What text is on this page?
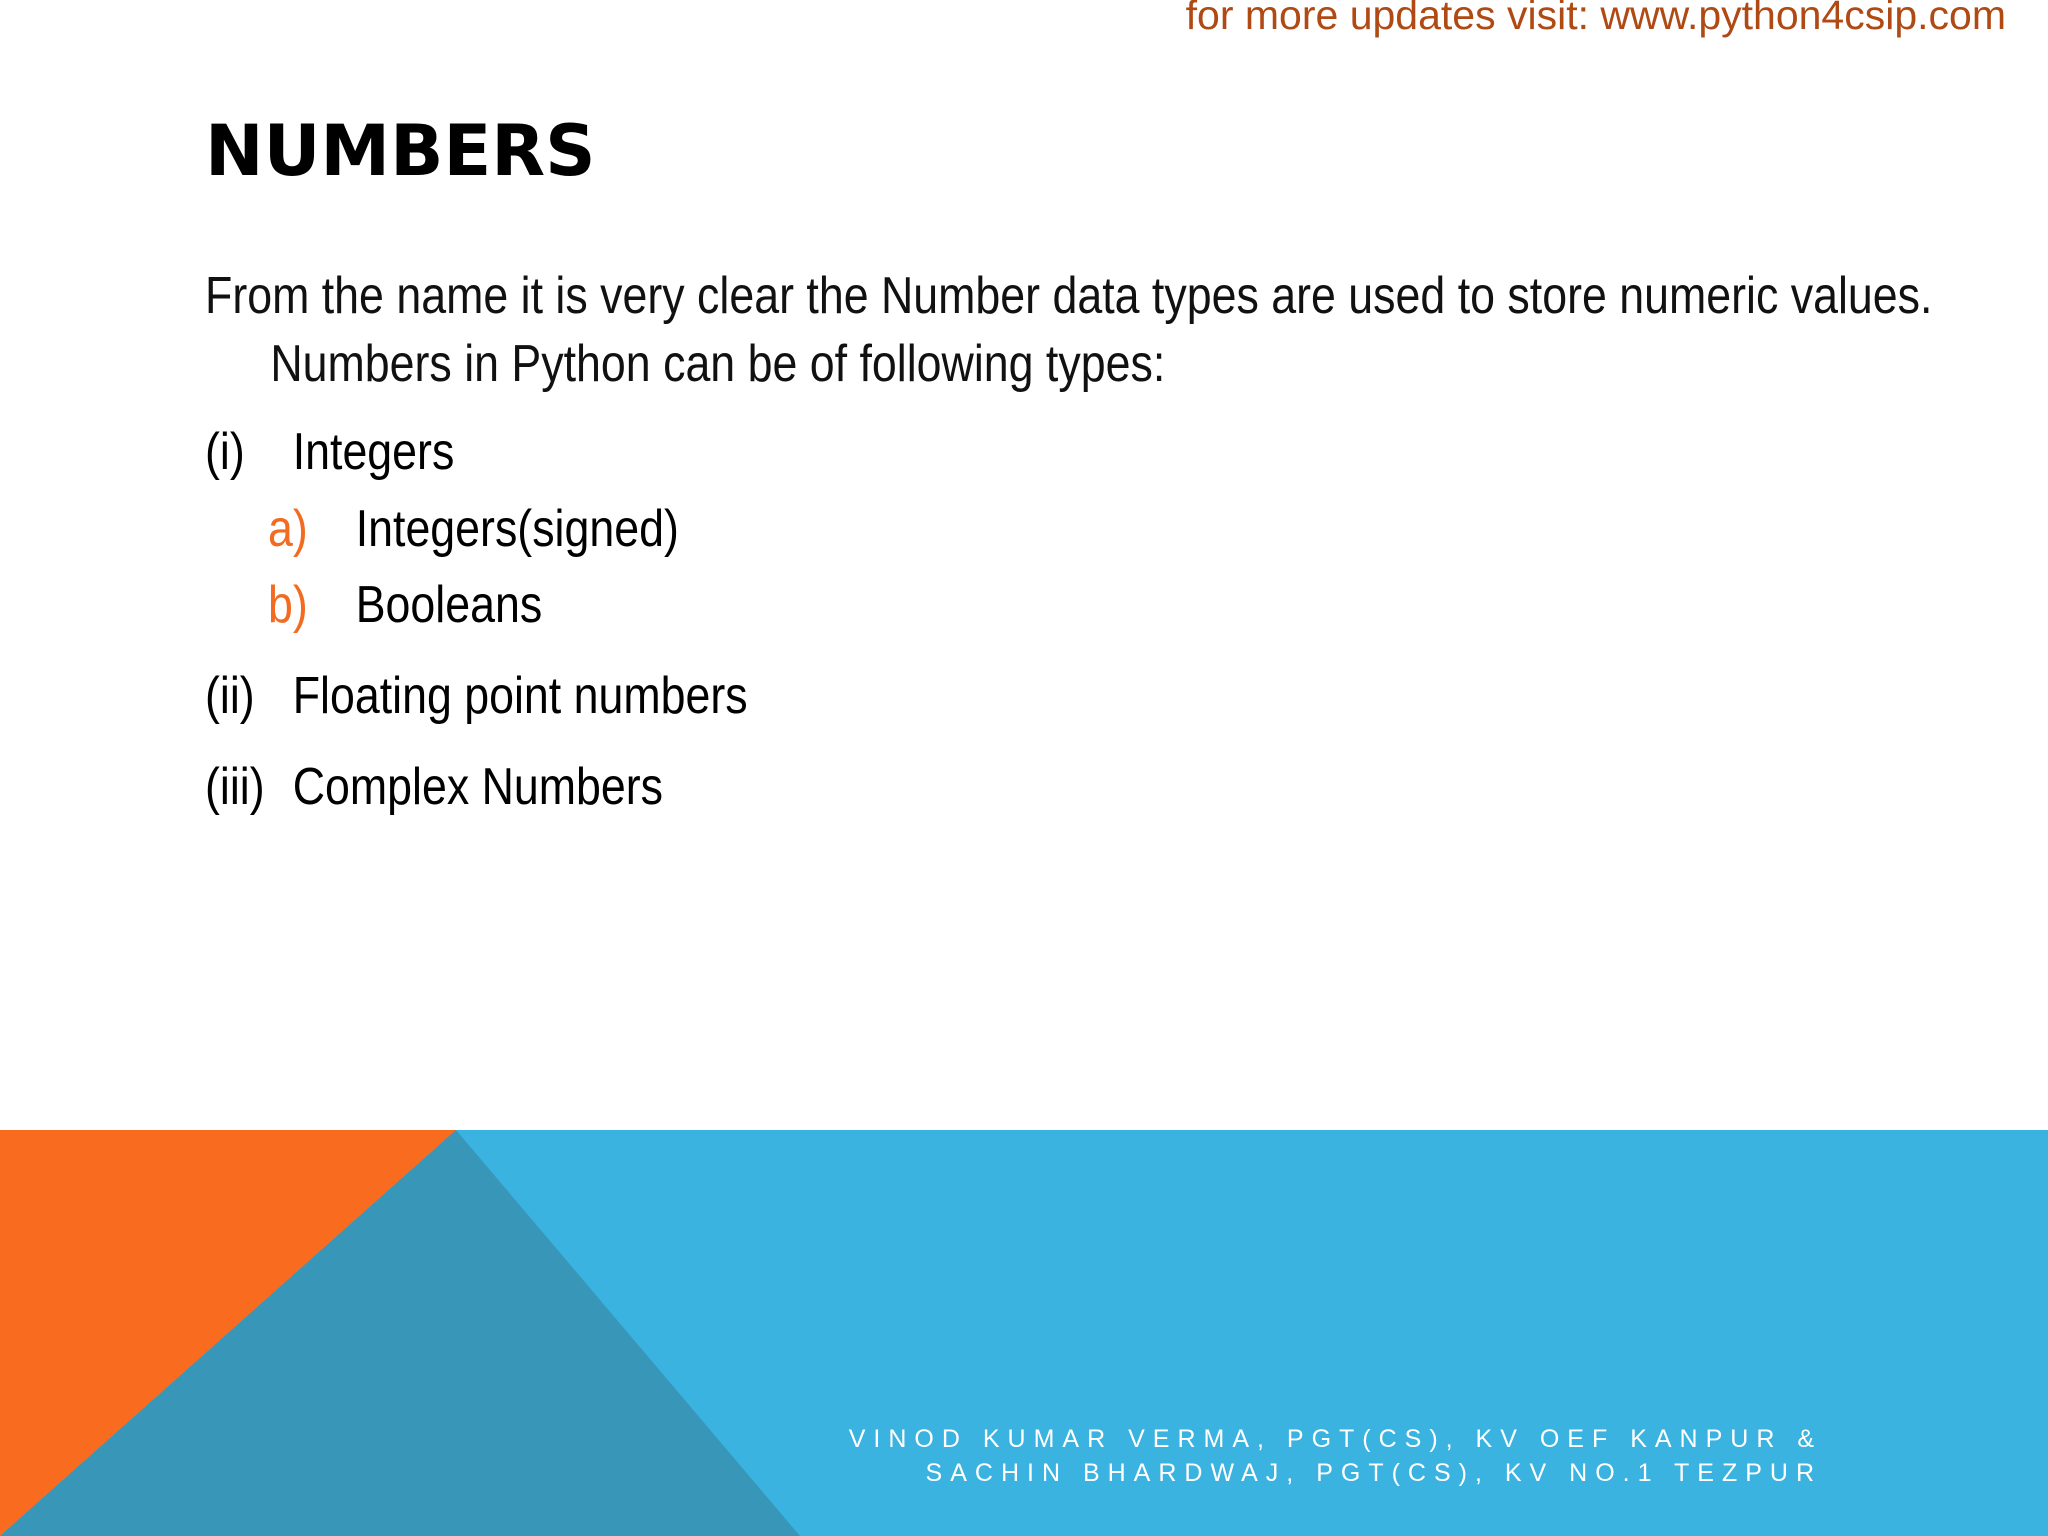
for more updates visit: www.python4csip.com
NUMBERS

From the name it is very clear the Number data types are used to store numeric values. Numbers in Python can be of following types:

(i) Integers
a) Integers(signed)
b) Booleans
(ii) Floating point numbers
(iii) Complex Numbers
VINOD KUMAR VERMA, PGT(CS), KV OEF KANPUR &
SACHIN BHARDWAJ, PGT(CS), KV NO.1 TEZPUR
